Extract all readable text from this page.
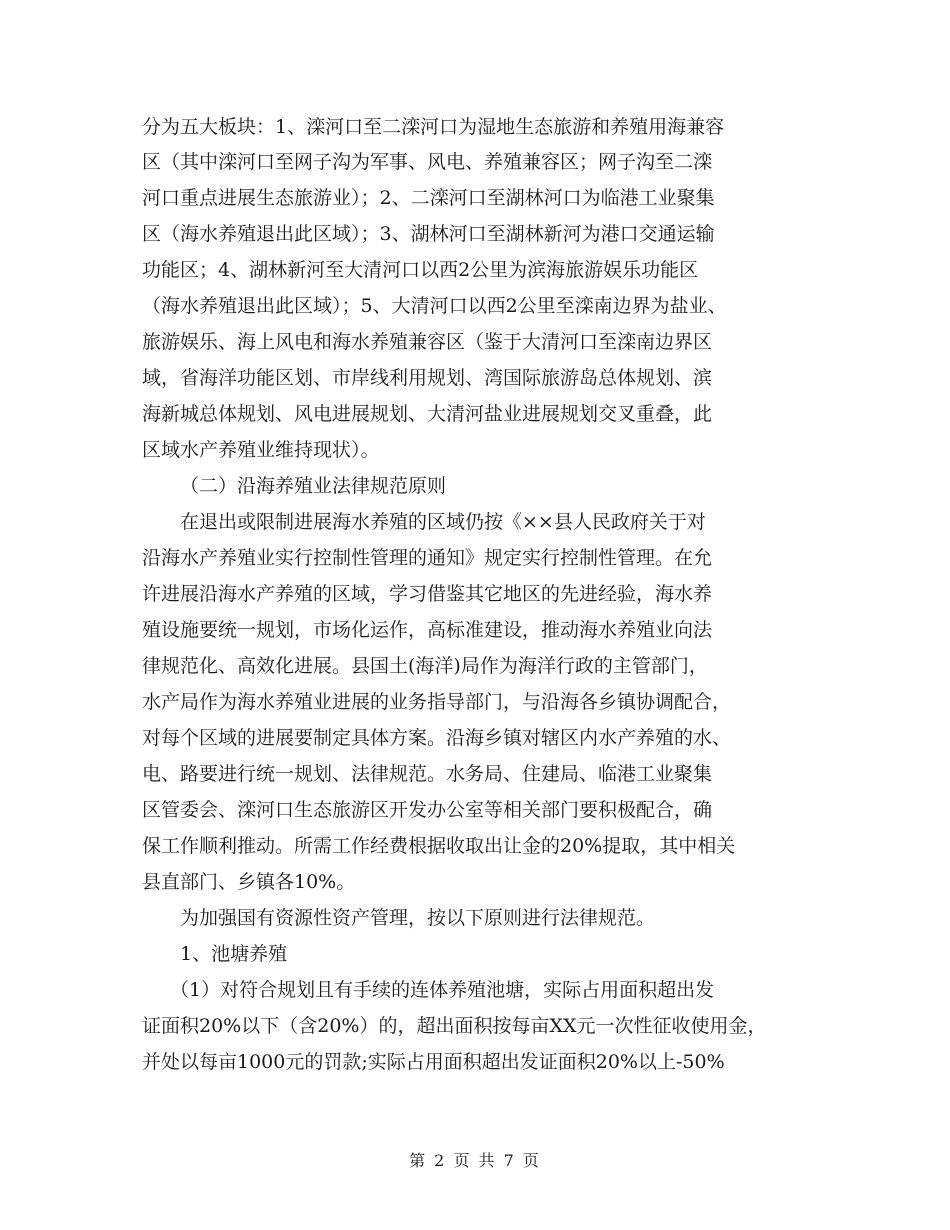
分为五大板块：1、滦河口至二滦河口为湿地生态旅游和养殖用海兼容
区（其中滦河口至网子沟为军事、风电、养殖兼容区；网子沟至二滦
河口重点进展生态旅游业）；2、二滦河口至湖林河口为临港工业聚集
区（海水养殖退出此区域）；3、湖林河口至湖林新河为港口交通运输
功能区；4、湖林新河至大清河口以西2公里为滨海旅游娱乐功能区
（海水养殖退出此区域）；5、大清河口以西2公里至滦南边界为盐业、
旅游娱乐、海上风电和海水养殖兼容区（鉴于大清河口至滦南边界区
域，省海洋功能区划、市岸线利用规划、湾国际旅游岛总体规划、滨
海新城总体规划、风电进展规划、大清河盐业进展规划交叉重叠，此
区域水产养殖业维持现状）。
（二）沿海养殖业法律规范原则
在退出或限制进展海水养殖的区域仍按《××县人民政府关于对
沿海水产养殖业实行控制性管理的通知》规定实行控制性管理。在允
许进展沿海水产养殖的区域，学习借鉴其它地区的先进经验，海水养
殖设施要统一规划，市场化运作，高标准建设，推动海水养殖业向法
律规范化、高效化进展。县国土(海洋)局作为海洋行政的主管部门，
水产局作为海水养殖业进展的业务指导部门，与沿海各乡镇协调配合，
对每个区域的进展要制定具体方案。沿海乡镇对辖区内水产养殖的水、
电、路要进行统一规划、法律规范。水务局、住建局、临港工业聚集
区管委会、滦河口生态旅游区开发办公室等相关部门要积极配合，确
保工作顺利推动。所需工作经费根据收取出让金的20%提取，其中相关
县直部门、乡镇各10%。
为加强国有资源性资产管理，按以下原则进行法律规范。
1、池塘养殖
（1）对符合规划且有手续的连体养殖池塘，实际占用面积超出发
证面积20%以下（含20%）的，超出面积按每亩XX元一次性征收使用金，
并处以每亩1000元的罚款;实际占用面积超出发证面积20%以上-50%
第 2 页 共 7 页
